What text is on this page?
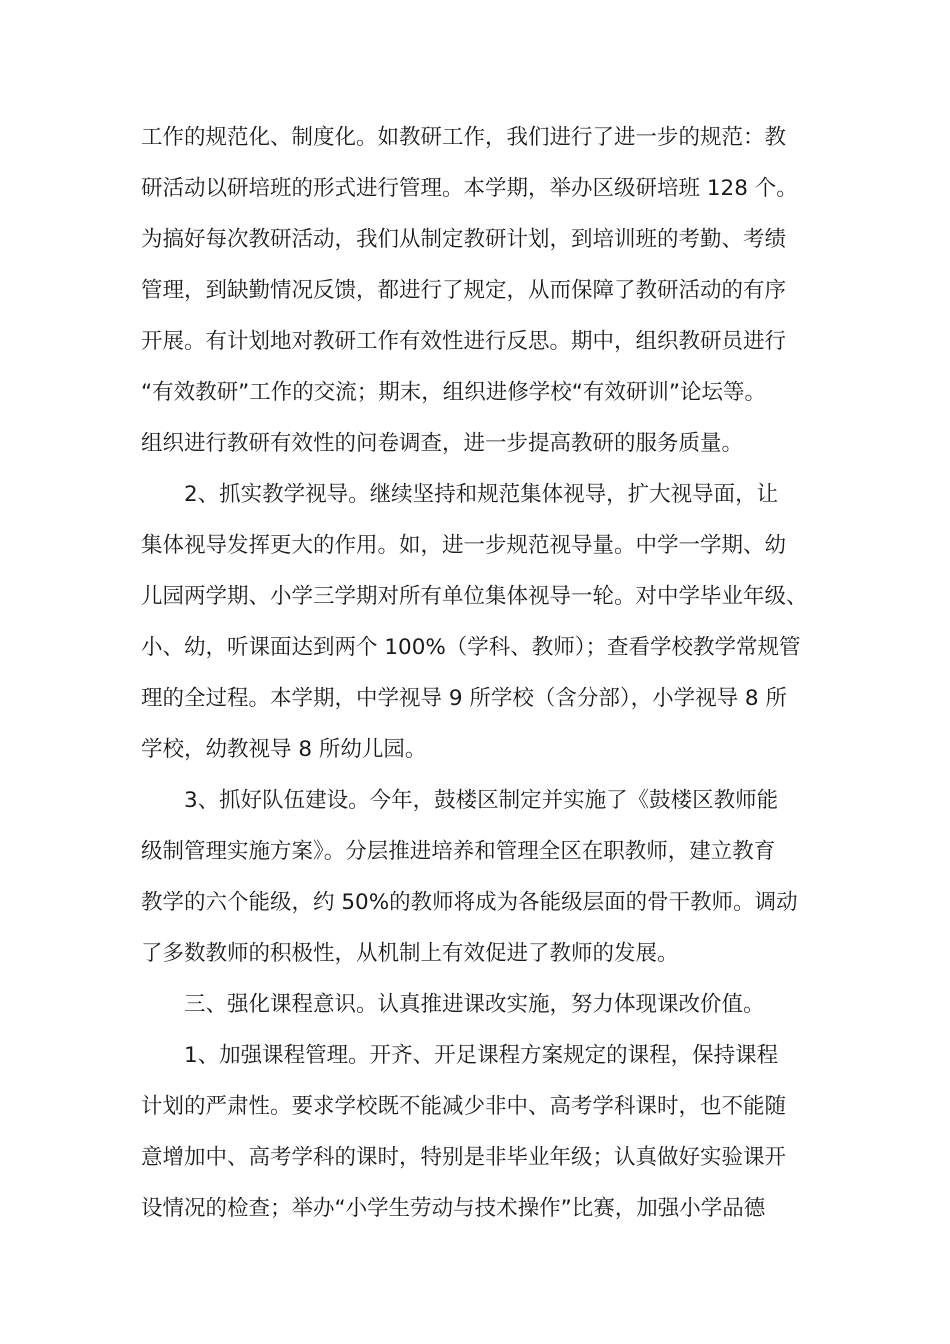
工作的规范化、制度化。如教研工作，我们进行了进一步的规范：教
研活动以研培班的形式进行管理。本学期，举办区级研培班 128 个。
为搞好每次教研活动，我们从制定教研计划，到培训班的考勤、考绩
管理，到缺勤情况反馈，都进行了规定，从而保障了教研活动的有序
开展。有计划地对教研工作有效性进行反思。期中，组织教研员进行
“有效教研”工作的交流；期末，组织进修学校“有效研训”论坛等。
组织进行教研有效性的问卷调查，进一步提高教研的服务质量。
2、抓实教学视导。继续坚持和规范集体视导，扩大视导面，让
集体视导发挥更大的作用。如，进一步规范视导量。中学一学期、幼
儿园两学期、小学三学期对所有单位集体视导一轮。对中学毕业年级、
小、幼，听课面达到两个 100%（学科、教师）；查看学校教学常规管
理的全过程。本学期，中学视导 9 所学校（含分部），小学视导 8 所
学校，幼教视导 8 所幼儿园。
3、抓好队伍建设。今年，鼓楼区制定并实施了《鼓楼区教师能
级制管理实施方案》。分层推进培养和管理全区在职教师，建立教育
教学的六个能级，约 50%的教师将成为各能级层面的骨干教师。调动
了多数教师的积极性，从机制上有效促进了教师的发展。
三、强化课程意识。认真推进课改实施，努力体现课改价值。
1、加强课程管理。开齐、开足课程方案规定的课程，保持课程
计划的严肃性。要求学校既不能减少非中、高考学科课时，也不能随
意增加中、高考学科的课时，特别是非毕业年级；认真做好实验课开
设情况的检查；举办“小学生劳动与技术操作”比赛，加强小学品德
